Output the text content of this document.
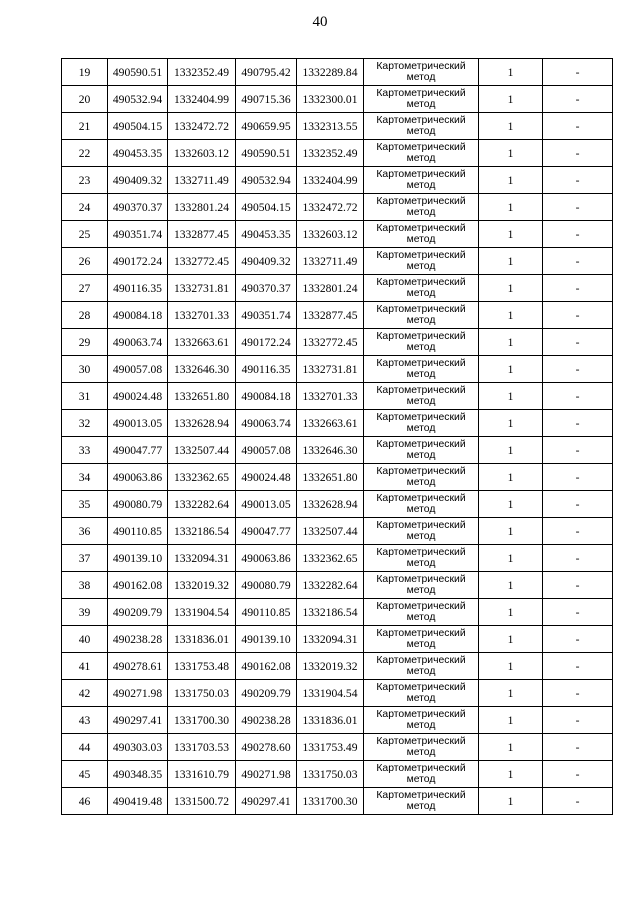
40
19	490590.51	1332352.49	490795.42	1332289.84	Картометрический метод	1	-
20	490532.94	1332404.99	490715.36	1332300.01	Картометрический метод	1	-
21	490504.15	1332472.72	490659.95	1332313.55	Картометрический метод	1	-
22	490453.35	1332603.12	490590.51	1332352.49	Картометрический метод	1	-
23	490409.32	1332711.49	490532.94	1332404.99	Картометрический метод	1	-
24	490370.37	1332801.24	490504.15	1332472.72	Картометрический метод	1	-
25	490351.74	1332877.45	490453.35	1332603.12	Картометрический метод	1	-
26	490172.24	1332772.45	490409.32	1332711.49	Картометрический метод	1	-
27	490116.35	1332731.81	490370.37	1332801.24	Картометрический метод	1	-
28	490084.18	1332701.33	490351.74	1332877.45	Картометрический метод	1	-
29	490063.74	1332663.61	490172.24	1332772.45	Картометрический метод	1	-
30	490057.08	1332646.30	490116.35	1332731.81	Картометрический метод	1	-
31	490024.48	1332651.80	490084.18	1332701.33	Картометрический метод	1	-
32	490013.05	1332628.94	490063.74	1332663.61	Картометрический метод	1	-
33	490047.77	1332507.44	490057.08	1332646.30	Картометрический метод	1	-
34	490063.86	1332362.65	490024.48	1332651.80	Картометрический метод	1	-
35	490080.79	1332282.64	490013.05	1332628.94	Картометрический метод	1	-
36	490110.85	1332186.54	490047.77	1332507.44	Картометрический метод	1	-
37	490139.10	1332094.31	490063.86	1332362.65	Картометрический метод	1	-
38	490162.08	1332019.32	490080.79	1332282.64	Картометрический метод	1	-
39	490209.79	1331904.54	490110.85	1332186.54	Картометрический метод	1	-
40	490238.28	1331836.01	490139.10	1332094.31	Картометрический метод	1	-
41	490278.61	1331753.48	490162.08	1332019.32	Картометрический метод	1	-
42	490271.98	1331750.03	490209.79	1331904.54	Картометрический метод	1	-
43	490297.41	1331700.30	490238.28	1331836.01	Картометрический метод	1	-
44	490303.03	1331703.53	490278.60	1331753.49	Картометрический метод	1	-
45	490348.35	1331610.79	490271.98	1331750.03	Картометрический метод	1	-
46	490419.48	1331500.72	490297.41	1331700.30	Картометрический метод	1	-
